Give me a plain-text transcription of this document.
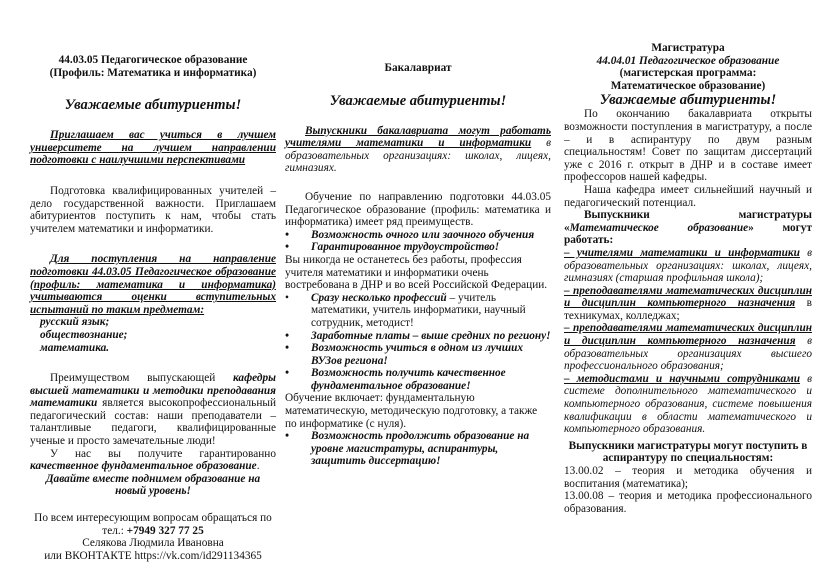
44.03.05 Педагогическое образование

(Профиль: Математика и информатика)

Уважаемые абитуриенты!

Приглашаем вас учиться в лучшем университете на лучшем направлении подготовки с наилучшими перспективами

Подготовка квалифицированных учителей – дело государственной важности. Приглашаем абитуриентов поступить к нам, чтобы стать учителем математики и информатики.

Для поступления на направление подготовки 44.03.05 Педагогическое образование (профиль: математика и информатика) учитываются оценки вступительных испытаний по таким предметам:

русский язык;

обществознание;

математика.

Преимуществом выпускающей кафедры высшей математики и методики преподавания математики является высокопрофессиональный педагогический состав: наши преподаватели – талантливые педагоги, квалифицированные ученые и просто замечательные люди!

У нас вы получите гарантированно качественное фундаментальное образование.

Давайте вместе поднимем образование на новый уровень!

По всем интересующим вопросам обращаться по тел.: +7949 327 77 25

Селякова Людмила Ивановна

или ВКОНТАКТЕ https://vk.com/id291134365

Бакалавриат

Уважаемые абитуриенты!

Выпускники бакалавриата могут работать учителями математики и информатики в образовательных организациях: школах, лицеях, гимназиях.

Обучение по направлению подготовки 44.03.05 Педагогическое образование (профиль: математика и информатика) имеет ряд преимуществ.

• Возможность очного или заочного обучения
• Гарантированное трудоустройство!

Вы никогда не останетесь без работы, профессия учителя математики и информатики очень востребована в ДНР и во всей Российской Федерации.

• Сразу несколько профессий – учитель математики, учитель информатики, научный сотрудник, методист!
• Заработные платы – выше средних по региону!
• Возможность учиться в одном из лучших ВУЗов региона!
• Возможность получить качественное фундаментальное образование!

Обучение включает: фундаментальную математическую, методическую подготовку, а также по информатике (с нуля).

• Возможность продолжить образование на уровне магистратуры, аспирантуры, защитить диссертацию!

Магистратура

44.04.01 Педагогическое образование

(магистерская программа:

Математическое образование)

Уважаемые абитуриенты!

По окончанию бакалавриата открыты возможности поступления в магистратуру, а после – и в аспирантуру по двум разным специальностям! Совет по защитам диссертаций уже с 2016 г. открыт в ДНР и в составе имеет профессоров нашей кафедры.

Наша кафедра имеет сильнейший научный и педагогический потенциал.

Выпускники магистратуры «Математическое образование» могут работать:

– учителями математики и информатики в образовательных организациях: школах, лицеях, гимназиях (старшая профильная школа);

– преподавателями математических дисциплин и дисциплин компьютерного назначения в техникумах, колледжах;

– преподавателями математических дисциплин и дисциплин компьютерного назначения в образовательных организациях высшего профессионального образования;

– методистами и научными сотрудниками в системе дополнительного математического и компьютерного образования, системе повышения квалификации в области математического и компьютерного образования.

Выпускники магистратуры могут поступить в аспирантуру по специальностям:

13.00.02 – теория и методика обучения и воспитания (математика);

13.00.08 – теория и методика профессионального образования.
